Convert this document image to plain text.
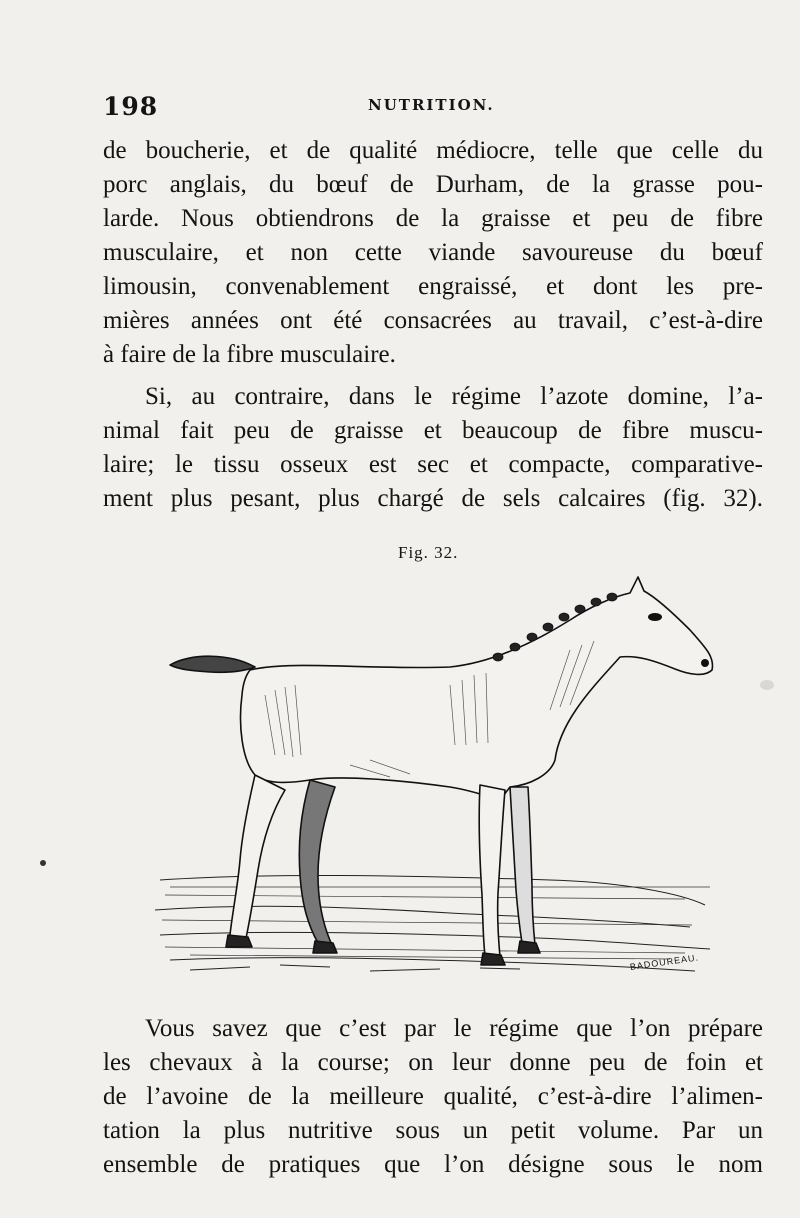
198	NUTRITION.
de boucherie, et de qualité médiocre, telle que celle du
porc anglais, du bœuf de Durham, de la grasse pou-
larde. Nous obtiendrons de la graisse et peu de fibre
musculaire, et non cette viande savoureuse du bœuf
limousin, convenablement engraissé, et dont les pre-
mières années ont été consacrées au travail, c’est-à-dire
à faire de la fibre musculaire.
Si, au contraire, dans le régime l’azote domine, l’a-
nimal fait peu de graisse et beaucoup de fibre muscu-
laire; le tissu osseux est sec et compacte, comparative-
ment plus pesant, plus chargé de sels calcaires (fig. 32).
Fig. 32.
BADOUREAU.
Vous savez que c’est par le régime que l’on prépare
les chevaux à la course; on leur donne peu de foin et
de l’avoine de la meilleure qualité, c’est-à-dire l’alimen-
tation la plus nutritive sous un petit volume. Par un
ensemble de pratiques que l’on désigne sous le nom
